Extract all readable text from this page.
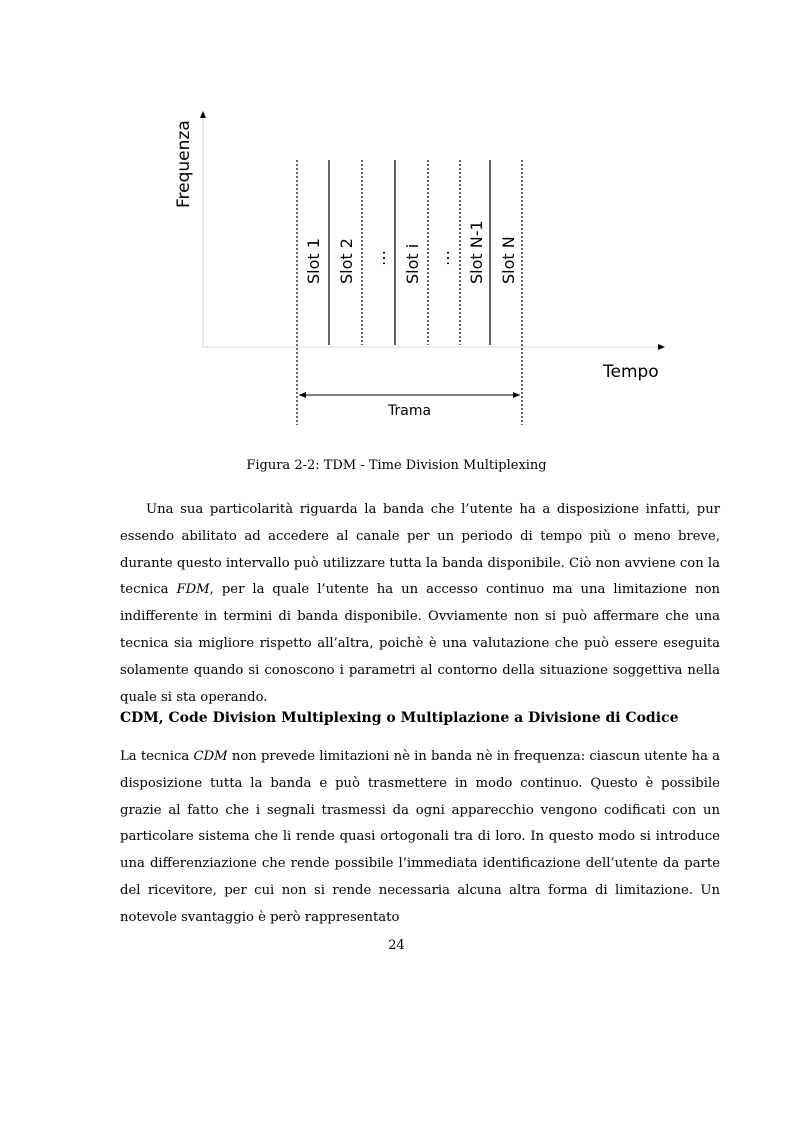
Slot 1 Slot 2 … Slot i … Slot N-1 Slot N
Frequenza
Tempo
Trama
Figura 2-2: TDM - Time Division Multiplexing

Una sua particolarità riguarda la banda che l’utente ha a disposizione infatti, pur essendo abilitato ad accedere al canale per un periodo di tempo più o meno breve, durante questo intervallo può utilizzare tutta la banda disponibile. Ciò non avviene con la tecnica FDM, per la quale l’utente ha un accesso continuo ma una limitazione non indifferente in termini di banda disponibile. Ovviamente non si può affermare che una tecnica sia migliore rispetto all’altra, poichè è una valutazione che può essere eseguita solamente quando si conoscono i parametri al contorno della situazione soggettiva nella quale si sta operando.

CDM, Code Division Multiplexing o Multiplazione a Divisione di Codice

La tecnica CDM non prevede limitazioni nè in banda nè in frequenza: ciascun utente ha a disposizione tutta la banda e può trasmettere in modo continuo. Questo è possibile grazie al fatto che i segnali trasmessi da ogni apparecchio vengono codificati con un particolare sistema che li rende quasi ortogonali tra di loro. In questo modo si introduce una differenziazione che rende possibile l’immediata identificazione dell’utente da parte del ricevitore, per cui non si rende necessaria alcuna altra forma di limitazione. Un notevole svantaggio è però rappresentato

24
